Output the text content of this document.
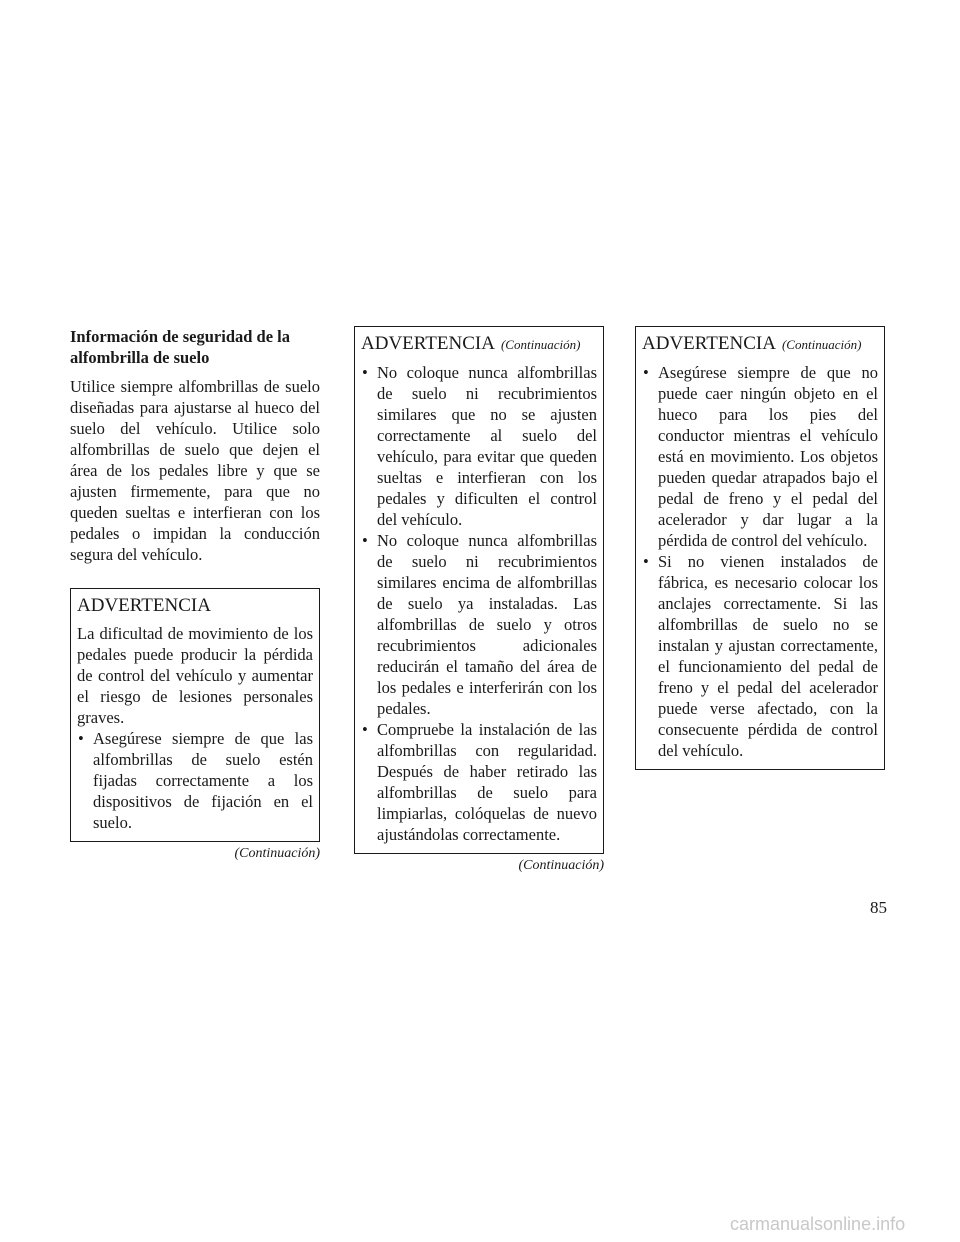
Información de seguridad de la alfombrilla de suelo

Utilice siempre alfombrillas de suelo diseñadas para ajustarse al hueco del suelo del vehículo. Utilice solo alfombrillas de suelo que dejen el área de los pedales libre y que se ajusten firmemente, para que no queden sueltas e interfieran con los pedales o impidan la conducción segura del vehículo.

ADVERTENCIA

La dificultad de movimiento de los pedales puede producir la pérdida de control del vehículo y aumentar el riesgo de lesiones personales graves.

• Asegúrese siempre de que las alfombrillas de suelo estén fijadas correctamente a los dispositivos de fijación en el suelo.
(Continuación)
ADVERTENCIA (Continuación)
• No coloque nunca alfombrillas de suelo ni recubrimientos similares que no se ajusten correctamente al suelo del vehículo, para evitar que queden sueltas e interfieran con los pedales y dificulten el control del vehículo.
• No coloque nunca alfombrillas de suelo ni recubrimientos similares encima de alfombrillas de suelo ya instaladas. Las alfombrillas de suelo y otros recubrimientos adicionales reducirán el tamaño del área de los pedales e interferirán con los pedales.
• Compruebe la instalación de las alfombrillas con regularidad. Después de haber retirado las alfombrillas de suelo para limpiarlas, colóquelas de nuevo ajustándolas correctamente.
(Continuación)
ADVERTENCIA (Continuación)
• Asegúrese siempre de que no puede caer ningún objeto en el hueco para los pies del conductor mientras el vehículo está en movimiento. Los objetos pueden quedar atrapados bajo el pedal de freno y el pedal del acelerador y dar lugar a la pérdida de control del vehículo.
• Si no vienen instalados de fábrica, es necesario colocar los anclajes correctamente. Si las alfombrillas de suelo no se instalan y ajustan correctamente, el funcionamiento del pedal de freno y el pedal del acelerador puede verse afectado, con la consecuente pérdida de control del vehículo.
85
carmanualsonline.info
